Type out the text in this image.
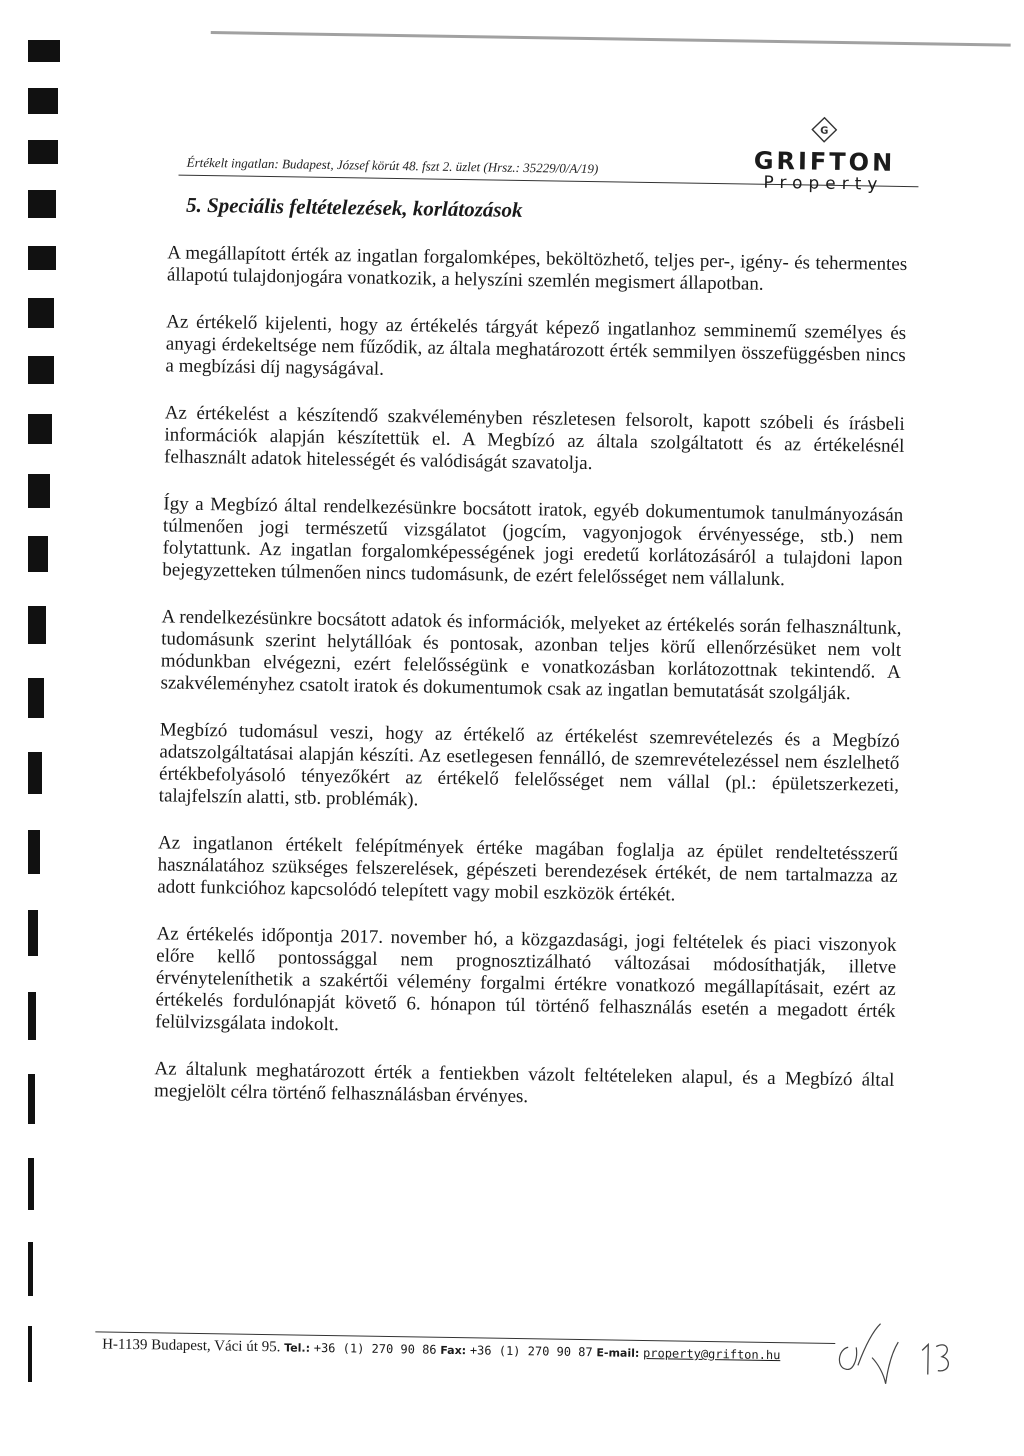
Értékelt ingatlan: Budapest, József körút 48. fszt 2. üzlet (Hrsz.: 35229/0/A/19)
G
GRIFTON
Property
5. Speciális feltételezések, korlátozások

A megállapított érték az ingatlan forgalomképes, beköltözhető, teljes per-, igény- és tehermentes állapotú tulajdonjogára vonatkozik, a helyszíni szemlén megismert állapotban.

Az értékelő kijelenti, hogy az értékelés tárgyát képező ingatlanhoz semminemű személyes és anyagi érdekeltsége nem fűződik, az általa meghatározott érték semmilyen összefüggésben nincs a megbízási díj nagyságával.

Az értékelést a készítendő szakvéleményben részletesen felsorolt, kapott szóbeli és írásbeli információk alapján készítettük el. A Megbízó az általa szolgáltatott és az értékelésnél felhasznált adatok hitelességét és valódiságát szavatolja.

Így a Megbízó által rendelkezésünkre bocsátott iratok, egyéb dokumentumok tanulmányozásán túlmenően jogi természetű vizsgálatot (jogcím, vagyonjogok érvényessége, stb.) nem folytattunk. Az ingatlan forgalomképességének jogi eredetű korlátozásáról a tulajdoni lapon bejegyzetteken túlmenően nincs tudomásunk, de ezért felelősséget nem vállalunk.

A rendelkezésünkre bocsátott adatok és információk, melyeket az értékelés során felhasználtunk, tudomásunk szerint helytállóak és pontosak, azonban teljes körű ellenőrzésüket nem volt módunkban elvégezni, ezért felelősségünk e vonatkozásban korlátozottnak tekintendő. A szakvéleményhez csatolt iratok és dokumentumok csak az ingatlan bemutatását szolgálják.

Megbízó tudomásul veszi, hogy az értékelő az értékelést szemrevételezés és a Megbízó adatszolgáltatásai alapján készíti. Az esetlegesen fennálló, de szemrevételezéssel nem észlelhető értékbefolyásoló tényezőkért az értékelő felelősséget nem vállal (pl.: épületszerkezeti, talajfelszín alatti, stb. problémák).

Az ingatlanon értékelt felépítmények értéke magában foglalja az épület rendeltetésszerű használatához szükséges felszerelések, gépészeti berendezések értékét, de nem tartalmazza az adott funkcióhoz kapcsolódó telepített vagy mobil eszközök értékét.

Az értékelés időpontja 2017. november hó, a közgazdasági, jogi feltételek és piaci viszonyok előre kellő pontossággal nem prognosztizálható változásai módosíthatják, illetve érvényteleníthetik a szakértői vélemény forgalmi értékre vonatkozó megállapításait, ezért az értékelés fordulónapját követő 6. hónapon túl történő felhasználás esetén a megadott érték felülvizsgálata indokolt.

Az általunk meghatározott érték a fentiekben vázolt feltételeken alapul, és a Megbízó által megjelölt célra történő felhasználásban érvényes.

H-1139 Budapest, Váci út 95. Tel.: +36 (1) 270 90 86 Fax: +36 (1) 270 90 87 E-mail: property@grifton.hu
